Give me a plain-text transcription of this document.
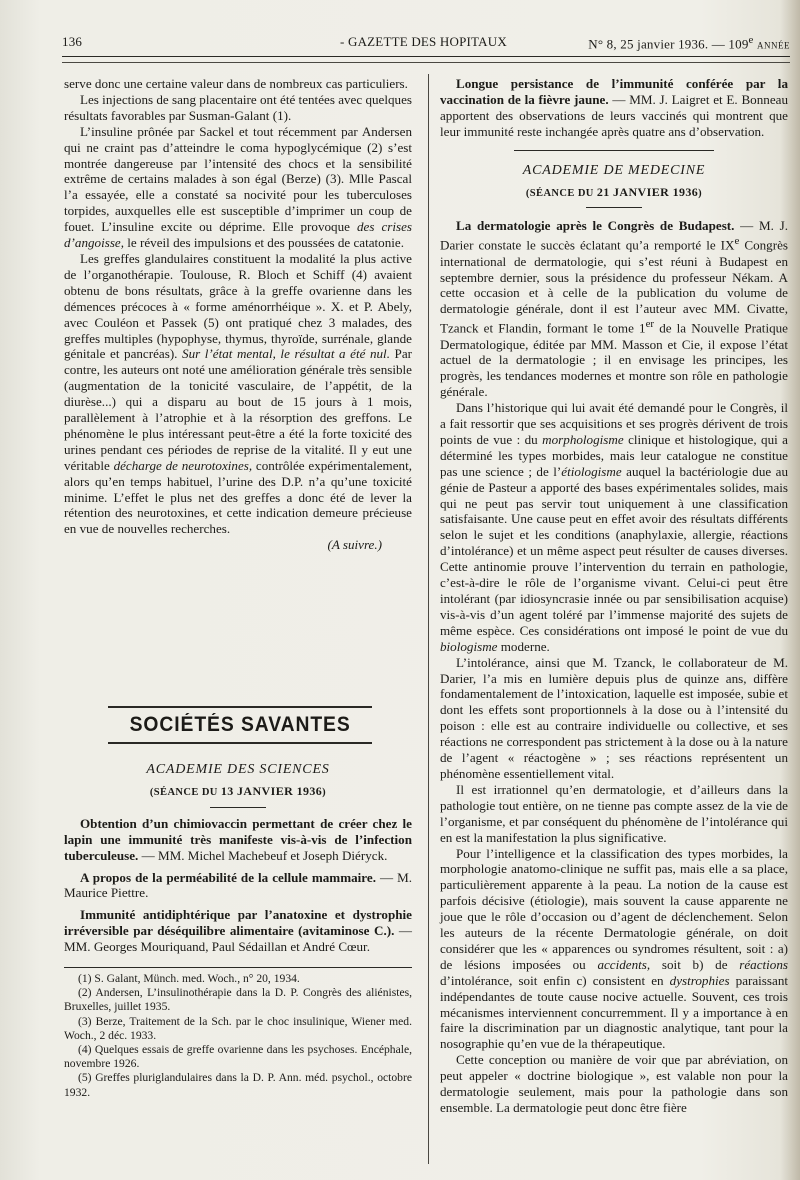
136	- GAZETTE DES HOPITAUX	N° 8, 25 janvier 1936. — 109e ANNÉE

serve donc une certaine valeur dans de nombreux cas particuliers.

Les injections de sang placentaire ont été tentées avec quelques résultats favorables par Susman-Galant (1).

L’insuline prônée par Sackel et tout récemment par Andersen qui ne craint pas d’atteindre le coma hypoglycémique (2) s’est montrée dangereuse par l’intensité des chocs et la sensibilité extrême de certains malades à son égal (Berze) (3). Mlle Pascal l’a essayée, elle a constaté sa nocivité pour les tuberculoses torpides, auxquelles elle est susceptible d’imprimer un coup de fouet. L’insuline excite ou déprime. Elle provoque des crises d’angoisse, le réveil des impulsions et des poussées de catatonie.

Les greffes glandulaires constituent la modalité la plus active de l’organothérapie. Toulouse, R. Bloch et Schiff (4) avaient obtenu de bons résultats, grâce à la greffe ovarienne dans les démences précoces à « forme aménorrhéique ». X. et P. Abely, avec Couléon et Passek (5) ont pratiqué chez 3 malades, des greffes multiples (hypophyse, thymus, thyroïde, surrénale, glande génitale et pancréas). Sur l’état mental, le résultat a été nul. Par contre, les auteurs ont noté une amélioration générale très sensible (augmentation de la tonicité vasculaire, de l’appétit, de la diurèse...) qui a disparu au bout de 15 jours à 1 mois, parallèlement à l’atrophie et à la résorption des greffons. Le phénomène le plus intéressant peut-être a été la forte toxicité des urines pendant ces périodes de reprise de la vitalité. Il y eut une véritable décharge de neurotoxines, contrôlée expérimentalement, alors qu’en temps habituel, l’urine des D.P. n’a qu’une toxicité minime. L’effet le plus net des greffes a donc été de lever la rétention des neurotoxines, et cette indication demeure précieuse en vue de nouvelles recherches.

(A suivre.)

SOCIÉTÉS SAVANTES

ACADEMIE DES SCIENCES

(SÉANCE DU 13 JANVIER 1936)

Obtention d’un chimiovaccin permettant de créer chez le lapin une immunité très manifeste vis-à-vis de l’infection tuberculeuse. — MM. Michel Machebeuf et Joseph Diéryck.

A propos de la perméabilité de la cellule mammaire. — M. Maurice Piettre.

Immunité antidiphtérique par l’anatoxine et dystrophie irréversible par déséquilibre alimentaire (avitaminose C.). — MM. Georges Mouriquand, Paul Sédaillan et André Cœur.

(1) S. Galant, Münch. med. Woch., n° 20, 1934.

(2) Andersen, L’insulinothérapie dans la D. P. Congrès des aliénistes, Bruxelles, juillet 1935.

(3) Berze, Traitement de la Sch. par le choc insulinique, Wiener med. Woch., 2 déc. 1933.

(4) Quelques essais de greffe ovarienne dans les psychoses. Encéphale, novembre 1926.

(5) Greffes pluriglandulaires dans la D. P. Ann. méd. psychol., octobre 1932.

Longue persistance de l’immunité conférée par la vaccination de la fièvre jaune. — MM. J. Laigret et E. Bonneau apportent des observations de leurs vaccinés qui montrent que leur immunité reste inchangée après quatre ans d’observation.

ACADEMIE DE MEDECINE

(SÉANCE DU 21 JANVIER 1936)

La dermatologie après le Congrès de Budapest. — M. J. Darier constate le succès éclatant qu’a remporté le IXe Congrès international de dermatologie, qui s’est réuni à Budapest en septembre dernier, sous la présidence du professeur Nékam. A cette occasion et à celle de la publication du volume de dermatologie générale, dont il est l’auteur avec MM. Civatte, Tzanck et Flandin, formant le tome 1er de la Nouvelle Pratique Dermatologique, éditée par MM. Masson et Cie, il expose l’état actuel de la dermatologie ; il en envisage les principes, les progrès, les tendances modernes et montre son rôle en pathologie générale.

Dans l’historique qui lui avait été demandé pour le Congrès, il a fait ressortir que ses acquisitions et ses progrès dérivent de trois points de vue : du morphologisme clinique et histologique, qui a déterminé les types morbides, mais leur catalogue ne constitue pas une science ; de l’étiologisme auquel la bactériologie due au génie de Pasteur a apporté des bases expérimentales solides, mais qui ne peut pas servir tout uniquement à une classification satisfaisante. Une cause peut en effet avoir des résultats différents selon le sujet et les conditions (anaphylaxie, allergie, réactions d’intolérance) et un même aspect peut résulter de causes diverses. Cette antinomie prouve l’intervention du terrain en pathologie, c’est-à-dire le rôle de l’organisme vivant. Celui-ci peut être intolérant (par idiosyncrasie innée ou par sensibilisation acquise) vis-à-vis d’un agent toléré par l’immense majorité des sujets de même espèce. Ces considérations ont imposé le point de vue du biologisme moderne.

L’intolérance, ainsi que M. Tzanck, le collaborateur de M. Darier, l’a mis en lumière depuis plus de quinze ans, diffère fondamentalement de l’intoxication, laquelle est imposée, subie et dont les effets sont proportionnels à la dose ou à l’intensité du poison : elle est au contraire individuelle ou collective, et ses réactions ne correspondent pas strictement à la dose ou à la nature de l’agent « réactogène » ; ses réactions représentent un phénomène essentiellement vital.

Il est irrationnel qu’en dermatologie, et d’ailleurs dans la pathologie tout entière, on ne tienne pas compte assez de la vie de l’organisme, et par conséquent du phénomène de l’intolérance qui en est la manifestation la plus significative.

Pour l’intelligence et la classification des types morbides, la morphologie anatomo-clinique ne suffit pas, mais elle a sa place, particulièrement apparente à la peau. La notion de la cause est parfois décisive (étiologie), mais souvent la cause apparente ne joue que le rôle d’occasion ou d’agent de déclenchement. Selon les auteurs de la récente Dermatologie générale, on doit considérer que les « apparences ou syndromes résultent, soit : a) de lésions imposées ou accidents, soit b) de réactions d’intolérance, soit enfin c) consistent en dystrophies paraissant indépendantes de toute cause nocive actuelle. Souvent, ces trois mécanismes interviennent concurremment. Il y a importance à en faire la discrimination par un diagnostic analytique, tant pour la nosographie qu’en vue de la thérapeutique.

Cette conception ou manière de voir que par abréviation, on peut appeler « doctrine biologique », est valable non pour la dermatologie seulement, mais pour la pathologie dans son ensemble. La dermatologie peut donc être fière
